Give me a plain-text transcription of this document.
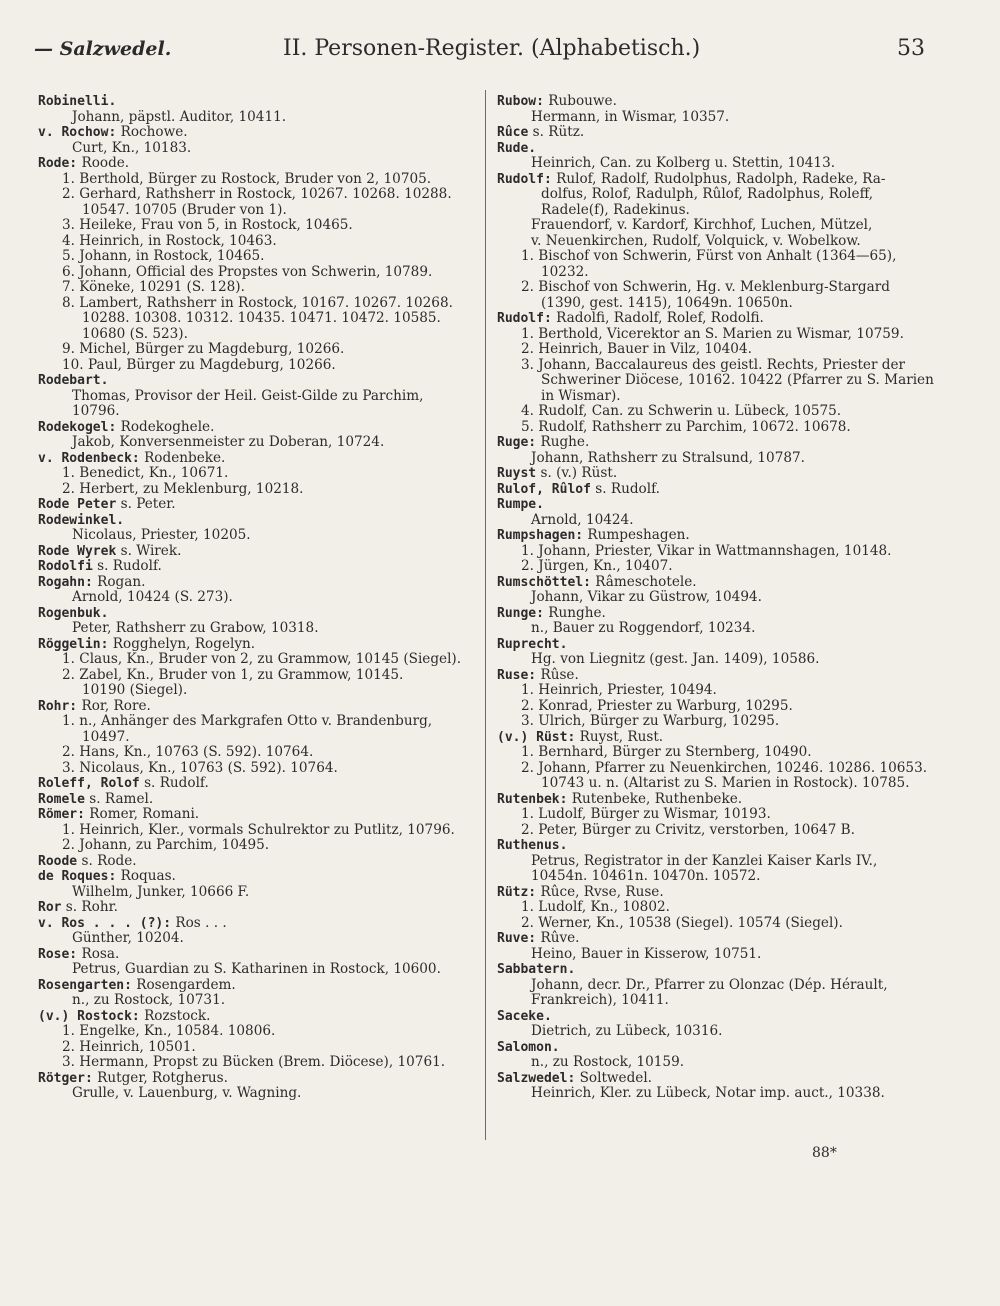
— Salzwedel.	II. Personen-Register. (Alphabetisch.)	53
Robinelli.
Johann, päpstl. Auditor, 10411.
v. Rochow: Rochowe.
Curt, Kn., 10183.
Rode: Roode.
1. Berthold, Bürger zu Rostock, Bruder von 2, 10705.
2. Gerhard, Rathsherr in Rostock, 10267. 10268. 10288.
10547. 10705 (Bruder von 1).
3. Heileke, Frau von 5, in Rostock, 10465.
4. Heinrich, in Rostock, 10463.
5. Johann, in Rostock, 10465.
6. Johann, Official des Propstes von Schwerin, 10789.
7. Köneke, 10291 (S. 128).
8. Lambert, Rathsherr in Rostock, 10167. 10267. 10268.
10288. 10308. 10312. 10435. 10471. 10472. 10585.
10680 (S. 523).
9. Michel, Bürger zu Magdeburg, 10266.
10. Paul, Bürger zu Magdeburg, 10266.
Rodebart.
Thomas, Provisor der Heil. Geist-Gilde zu Parchim,
10796.
Rodekogel: Rodekoghele.
Jakob, Konversenmeister zu Doberan, 10724.
v. Rodenbeck: Rodenbeke.
1. Benedict, Kn., 10671.
2. Herbert, zu Meklenburg, 10218.
Rode Peter s. Peter.
Rodewinkel.
Nicolaus, Priester, 10205.
Rode Wyrek s. Wirek.
Rodolfi s. Rudolf.
Rogahn: Rogan.
Arnold, 10424 (S. 273).
Rogenbuk.
Peter, Rathsherr zu Grabow, 10318.
Röggelin: Rogghelyn, Rogelyn.
1. Claus, Kn., Bruder von 2, zu Grammow, 10145 (Siegel).
2. Zabel, Kn., Bruder von 1, zu Grammow, 10145.
10190 (Siegel).
Rohr: Ror, Rore.
1. n., Anhänger des Markgrafen Otto v. Brandenburg,
10497.
2. Hans, Kn., 10763 (S. 592). 10764.
3. Nicolaus, Kn., 10763 (S. 592). 10764.
Roleff, Rolof s. Rudolf.
Romele s. Ramel.
Römer: Romer, Romani.
1. Heinrich, Kler., vormals Schulrektor zu Putlitz, 10796.
2. Johann, zu Parchim, 10495.
Roode s. Rode.
de Roques: Roquas.
Wilhelm, Junker, 10666 F.
Ror s. Rohr.
v. Ros . . . (?): Ros . . .
Günther, 10204.
Rose: Rosa.
Petrus, Guardian zu S. Katharinen in Rostock, 10600.
Rosengarten: Rosengardem.
n., zu Rostock, 10731.
(v.) Rostock: Rozstock.
1. Engelke, Kn., 10584. 10806.
2. Heinrich, 10501.
3. Hermann, Propst zu Bücken (Brem. Diöcese), 10761.
Rötger: Rutger, Rotgherus.
Grulle, v. Lauenburg, v. Wagning.
Rubow: Rubouwe.
Hermann, in Wismar, 10357.
Rûce s. Rütz.
Rude.
Heinrich, Can. zu Kolberg u. Stettin, 10413.
Rudolf: Rulof, Radolf, Rudolphus, Radolph, Radeke, Ra-
dolfus, Rolof, Radulph, Rûlof, Radolphus, Roleff,
Radele(f), Radekinus.
Frauendorf, v. Kardorf, Kirchhof, Luchen, Mützel,
v. Neuenkirchen, Rudolf, Volquick, v. Wobelkow.
1. Bischof von Schwerin, Fürst von Anhalt (1364—65),
10232.
2. Bischof von Schwerin, Hg. v. Meklenburg-Stargard
(1390, gest. 1415), 10649n. 10650n.
Rudolf: Radolfi, Radolf, Rolef, Rodolfi.
1. Berthold, Vicerektor an S. Marien zu Wismar, 10759.
2. Heinrich, Bauer in Vilz, 10404.
3. Johann, Baccalaureus des geistl. Rechts, Priester der
Schweriner Diöcese, 10162. 10422 (Pfarrer zu S. Marien
in Wismar).
4. Rudolf, Can. zu Schwerin u. Lübeck, 10575.
5. Rudolf, Rathsherr zu Parchim, 10672. 10678.
Ruge: Rughe.
Johann, Rathsherr zu Stralsund, 10787.
Ruyst s. (v.) Rüst.
Rulof, Rûlof s. Rudolf.
Rumpe.
Arnold, 10424.
Rumpshagen: Rumpeshagen.
1. Johann, Priester, Vikar in Wattmannshagen, 10148.
2. Jürgen, Kn., 10407.
Rumschöttel: Râmeschotele.
Johann, Vikar zu Güstrow, 10494.
Runge: Runghe.
n., Bauer zu Roggendorf, 10234.
Ruprecht.
Hg. von Liegnitz (gest. Jan. 1409), 10586.
Ruse: Rûse.
1. Heinrich, Priester, 10494.
2. Konrad, Priester zu Warburg, 10295.
3. Ulrich, Bürger zu Warburg, 10295.
(v.) Rüst: Ruyst, Rust.
1. Bernhard, Bürger zu Sternberg, 10490.
2. Johann, Pfarrer zu Neuenkirchen, 10246. 10286. 10653.
10743 u. n. (Altarist zu S. Marien in Rostock). 10785.
Rutenbek: Rutenbeke, Ruthenbeke.
1. Ludolf, Bürger zu Wismar, 10193.
2. Peter, Bürger zu Crivitz, verstorben, 10647 B.
Ruthenus.
Petrus, Registrator in der Kanzlei Kaiser Karls IV.,
10454n. 10461n. 10470n. 10572.
Rütz: Rûce, Rvse, Ruse.
1. Ludolf, Kn., 10802.
2. Werner, Kn., 10538 (Siegel). 10574 (Siegel).
Ruve: Rûve.
Heino, Bauer in Kisserow, 10751.
Sabbatern.
Johann, decr. Dr., Pfarrer zu Olonzac (Dép. Hérault,
Frankreich), 10411.
Saceke.
Dietrich, zu Lübeck, 10316.
Salomon.
n., zu Rostock, 10159.
Salzwedel: Soltwedel.
Heinrich, Kler. zu Lübeck, Notar imp. auct., 10338.
88*
